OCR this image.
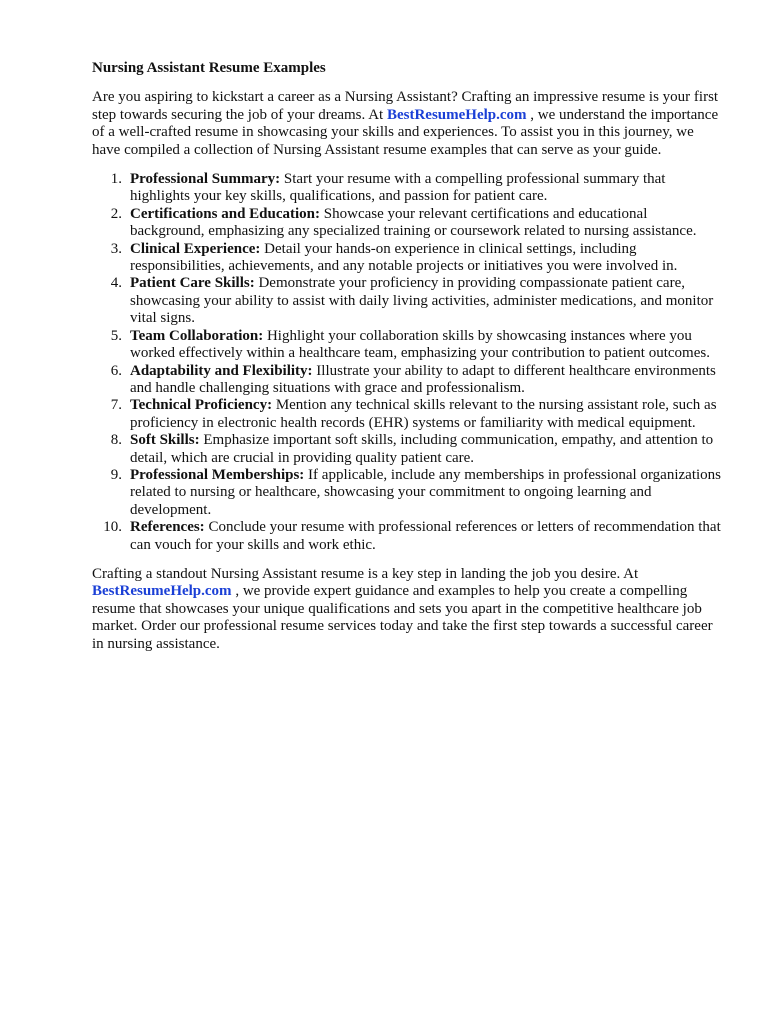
Nursing Assistant Resume Examples

Are you aspiring to kickstart a career as a Nursing Assistant? Crafting an impressive resume is your first step towards securing the job of your dreams. At BestResumeHelp.com , we understand the importance of a well-crafted resume in showcasing your skills and experiences. To assist you in this journey, we have compiled a collection of Nursing Assistant resume examples that can serve as your guide.

1. Professional Summary: Start your resume with a compelling professional summary that highlights your key skills, qualifications, and passion for patient care.
2. Certifications and Education: Showcase your relevant certifications and educational background, emphasizing any specialized training or coursework related to nursing assistance.
3. Clinical Experience: Detail your hands-on experience in clinical settings, including responsibilities, achievements, and any notable projects or initiatives you were involved in.
4. Patient Care Skills: Demonstrate your proficiency in providing compassionate patient care, showcasing your ability to assist with daily living activities, administer medications, and monitor vital signs.
5. Team Collaboration: Highlight your collaboration skills by showcasing instances where you worked effectively within a healthcare team, emphasizing your contribution to patient outcomes.
6. Adaptability and Flexibility: Illustrate your ability to adapt to different healthcare environments and handle challenging situations with grace and professionalism.
7. Technical Proficiency: Mention any technical skills relevant to the nursing assistant role, such as proficiency in electronic health records (EHR) systems or familiarity with medical equipment.
8. Soft Skills: Emphasize important soft skills, including communication, empathy, and attention to detail, which are crucial in providing quality patient care.
9. Professional Memberships: If applicable, include any memberships in professional organizations related to nursing or healthcare, showcasing your commitment to ongoing learning and development.
10. References: Conclude your resume with professional references or letters of recommendation that can vouch for your skills and work ethic.

Crafting a standout Nursing Assistant resume is a key step in landing the job you desire. At BestResumeHelp.com , we provide expert guidance and examples to help you create a compelling resume that showcases your unique qualifications and sets you apart in the competitive healthcare job market. Order our professional resume services today and take the first step towards a successful career in nursing assistance.
